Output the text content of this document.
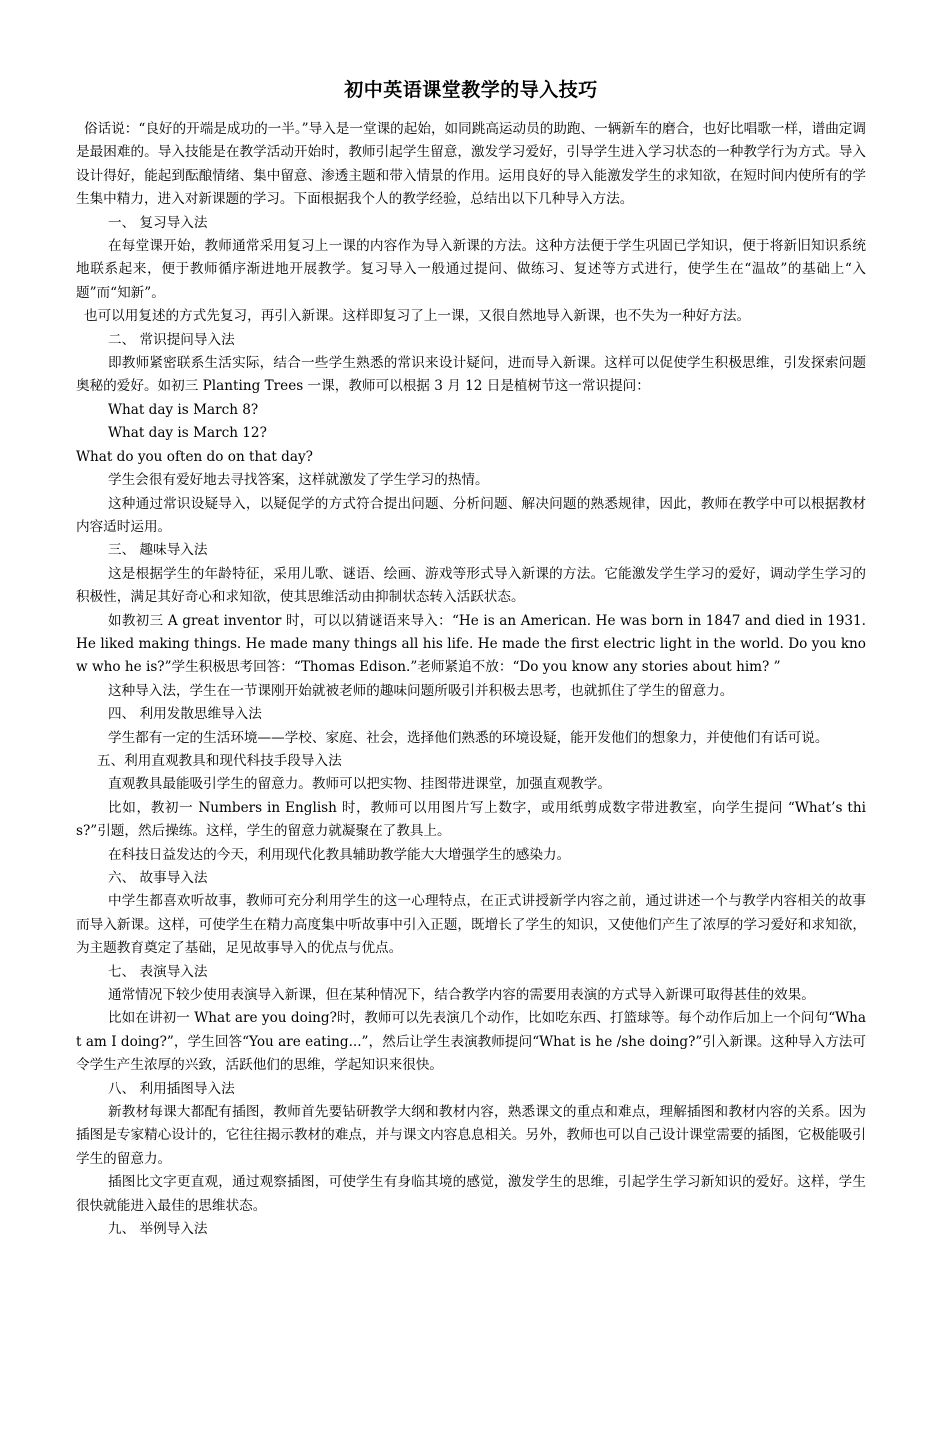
初中英语课堂教学的导入技巧

俗话说：“良好的开端是成功的一半。”导入是一堂课的起始，如同跳高运动员的助跑、一辆新车的磨合，也好比唱歌一样，谱曲定调是最困难的。导入技能是在教学活动开始时，教师引起学生留意，激发学习爱好，引导学生进入学习状态的一种教学行为方式。导入设计得好，能起到酝酿情绪、集中留意、渗透主题和带入情景的作用。运用良好的导入能激发学生的求知欲，在短时间内使所有的学生集中精力，进入对新课题的学习。下面根据我个人的教学经验，总结出以下几种导入方法。

一、 复习导入法

在每堂课开始，教师通常采用复习上一课的内容作为导入新课的方法。这种方法便于学生巩固已学知识，便于将新旧知识系统地联系起来，便于教师循序渐进地开展教学。复习导入一般通过提问、做练习、复述等方式进行，使学生在“温故”的基础上“入题”而“知新”。

也可以用复述的方式先复习，再引入新课。这样即复习了上一课，又很自然地导入新课，也不失为一种好方法。

二、 常识提问导入法

即教师紧密联系生活实际，结合一些学生熟悉的常识来设计疑问，进而导入新课。这样可以促使学生积极思维，引发探索问题奥秘的爱好。如初三 Planting Trees 一课，教师可以根据 3 月 12 日是植树节这一常识提问：

What day is March 8?

What day is March 12?

What do you often do on that day?

学生会很有爱好地去寻找答案，这样就激发了学生学习的热情。

这种通过常识设疑导入，以疑促学的方式符合提出问题、分析问题、解决问题的熟悉规律，因此，教师在教学中可以根据教材内容适时运用。

三、 趣味导入法

这是根据学生的年龄特征，采用儿歌、谜语、绘画、游戏等形式导入新课的方法。它能激发学生学习的爱好，调动学生学习的积极性，满足其好奇心和求知欲，使其思维活动由抑制状态转入活跃状态。

如教初三 A great inventor 时，可以以猜谜语来导入：“He is an American. He was born in 1847 and died in 1931. He liked making things. He made many things all his life. He made the first electric light in the world. Do you know who he is?”学生积极思考回答：“Thomas Edison.”老师紧追不放：“Do you know any stories about him? ”

这种导入法，学生在一节课刚开始就被老师的趣味问题所吸引并积极去思考，也就抓住了学生的留意力。

四、 利用发散思维导入法

学生都有一定的生活环境——学校、家庭、社会，选择他们熟悉的环境设疑，能开发他们的想象力，并使他们有话可说。

五、利用直观教具和现代科技手段导入法

直观教具最能吸引学生的留意力。教师可以把实物、挂图带进课堂，加强直观教学。

比如，教初一 Numbers in English 时，教师可以用图片写上数字，或用纸剪成数字带进教室，向学生提问 “What’s this?”引题，然后操练。这样，学生的留意力就凝聚在了教具上。

在科技日益发达的今天，利用现代化教具辅助教学能大大增强学生的感染力。

六、 故事导入法

中学生都喜欢听故事，教师可充分利用学生的这一心理特点，在正式讲授新学内容之前，通过讲述一个与教学内容相关的故事而导入新课。这样，可使学生在精力高度集中听故事中引入正题，既增长了学生的知识，又使他们产生了浓厚的学习爱好和求知欲，为主题教育奠定了基础，足见故事导入的优点与优点。

七、 表演导入法

通常情况下较少使用表演导入新课，但在某种情况下，结合教学内容的需要用表演的方式导入新课可取得甚佳的效果。

比如在讲初一 What are you doing?时，教师可以先表演几个动作，比如吃东西、打篮球等。每个动作后加上一个问句“What am I doing?”，学生回答“You are eating...”，然后让学生表演教师提问“What is he /she doing?”引入新课。这种导入方法可令学生产生浓厚的兴致，活跃他们的思维，学起知识来很快。

八、 利用插图导入法

新教材每课大都配有插图，教师首先要钻研教学大纲和教材内容，熟悉课文的重点和难点，理解插图和教材内容的关系。因为插图是专家精心设计的，它往往揭示教材的难点，并与课文内容息息相关。另外，教师也可以自己设计课堂需要的插图，它极能吸引学生的留意力。

插图比文字更直观，通过观察插图，可使学生有身临其境的感觉，激发学生的思维，引起学生学习新知识的爱好。这样，学生很快就能进入最佳的思维状态。

九、 举例导入法
